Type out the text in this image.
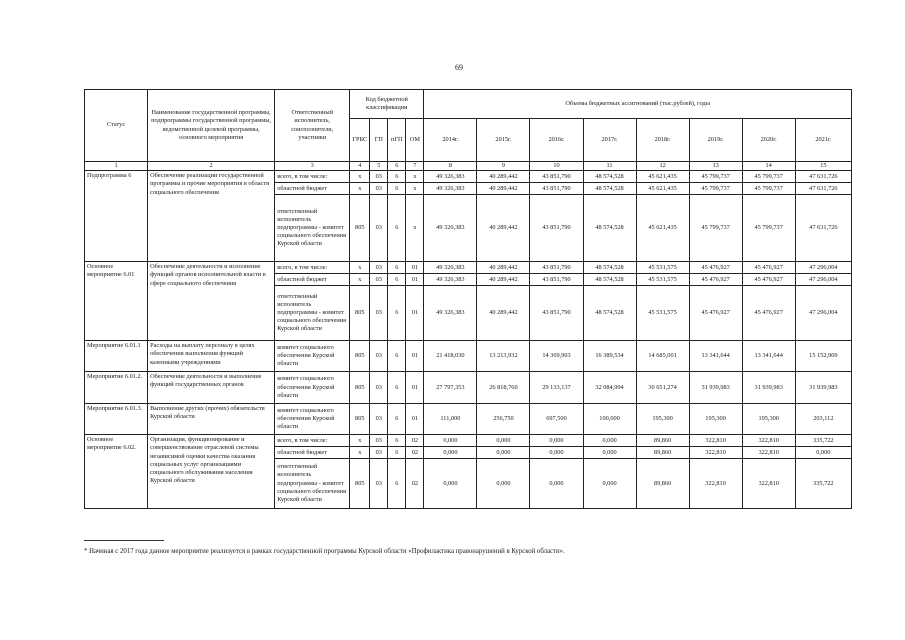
69
Статус	Наименование государственной программы, подпрограммы государственной программы, ведомственной целевой программы, основного мероприятия	Ответственный исполнитель, соисполнители, участники	Код бюджетной классификации				Объемы бюджетных ассигнований (тыс.рублей), годы							
			ГРБС	ГП	пГП	ОМ	2014г.	2015г.	2016г.	2017г.	2018г.	2019г.	2020г.	2021г.
1	2	3	4	5	6	7	8	9	10	11	12	13	14	15
Подпрограмма 6	Обеспечение реализации государственной программы и прочие мероприятия в области социального обеспечения	всего, в том числе:	x	03	6	x	49 326,383	40 289,442	43 851,790	48 574,528	45 621,435	45 799,737	45 799,737	47 631,726
		областной бюджет	x	03	6	x	49 326,383	40 289,442	43 851,790	48 574,528	45 621,435	45 799,737	45 799,737	47 631,726
		ответственный исполнитель подпрограммы - комитет социального обеспечения Курской области	805	03	6	x	49 326,383	40 289,442	43 851,790	48 574,528	45 621,435	45 799,737	45 799,737	47 631,726
Основное мероприятие 6.01	Обеспечение деятельности и исполнение функций органов исполнительной власти в сфере социального обеспечения	всего, в том числе:	x	03	6	01	49 326,383	40 289,442	43 851,790	48 574,528	45 531,575	45 476,927	45 476,927	47 296,004
		областной бюджет	x	03	6	01	49 326,383	40 289,442	43 851,790	48 574,528	45 531,575	45 476,927	45 476,927	47 296,004
		ответственный исполнитель подпрограммы - комитет социального обеспечения Курской области	805	03	6	01	49 326,383	40 289,442	43 851,790	48 574,528	45 531,575	45 476,927	45 476,927	47 296,004
Мероприятие 6.01.1	Расходы на выплату персоналу в целях обеспечения выполнения функций казенными учреждениями	комитет социального обеспечения Курской области	805	03	6	01	21 418,030	13 213,932	14 369,903	16 389,534	14 685,001	13 341,644	13 341,644	15 152,909
Мероприятие 6.01.2.	Обеспечение деятельности и выполнение функций государственных органов	комитет социального обеспечения Курской области	805	03	6	01	27 797,353	26 818,760	29 133,137	32 084,994	30 651,274	31 939,983	31 939,983	31 939,983
Мероприятие 6.01.3.	Выполнение других (прочих) обязательств Курской области	комитет социального обеспечения Курской области	805	03	6	01	111,000	256,750	697,500	100,000	195,300	195,300	195,300	203,112
Основное мероприятие 6.02.	Организация, функционирование и совершенствование отраслевой системы независимой оценки качества оказания социальных услуг организациями социального обслуживания населения Курской области	всего, в том числе:	x	03	6	02	0,000	0,000	0,000	0,000	89,860	322,810	322,810	335,722
		областной бюджет	x	03	6	02	0,000	0,000	0,000	0,000	89,860	322,810	322,810	0,000
		ответственный исполнитель подпрограммы - комитет социального обеспечения Курской области	805	03	6	02	0,000	0,000	0,000	0,000	89,860	322,810	322,810	335,722
* Начиная с 2017 года данное мероприятие реализуется в рамках государственной программы Курской области «Профилактика правонарушений в Курской области».
